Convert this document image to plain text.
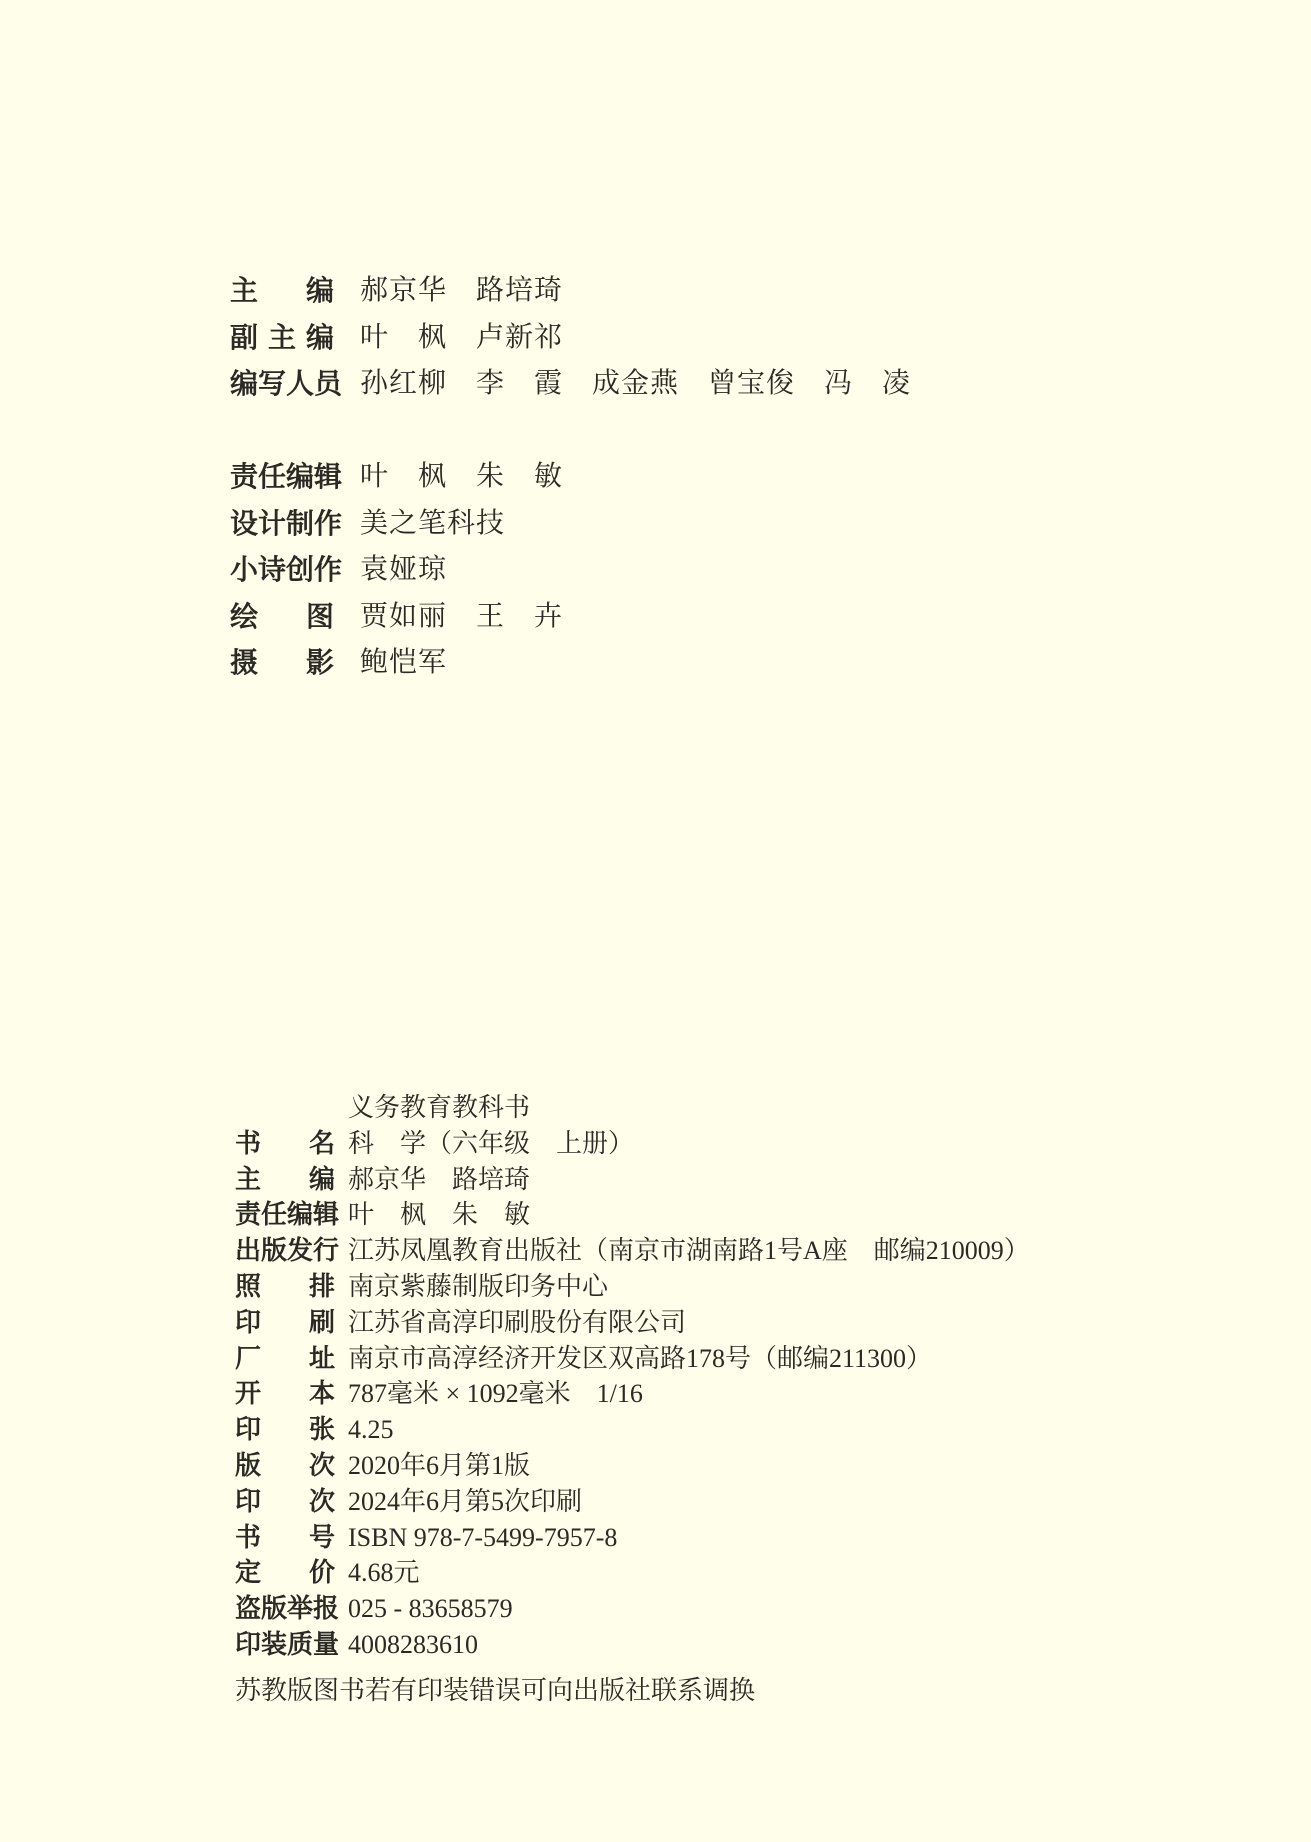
主编 郝京华　路培琦
副主编 叶　枫　卢新祁
编写人员 孙红柳　李　霞　成金燕　曾宝俊　冯　凌
责任编辑 叶　枫　朱　敏
设计制作 美之笔科技
小诗创作 袁娅琼
绘图 贾如丽　王　卉
摄影 鲍恺军
义务教育教科书
书名 科　学（六年级　上册）
主编 郝京华　路培琦
责任编辑 叶　枫　朱　敏
出版发行 江苏凤凰教育出版社（南京市湖南路1号A座　邮编210009）
照排 南京紫藤制版印务中心
印刷 江苏省高淳印刷股份有限公司
厂址 南京市高淳经济开发区双高路178号（邮编211300）
开本 787毫米 × 1092毫米　1/16
印张 4.25
版次 2020年6月第1版
印次 2024年6月第5次印刷
书号 ISBN 978-7-5499-7957-8
定价 4.68元
盗版举报 025 - 83658579
印装质量 4008283610
苏教版图书若有印装错误可向出版社联系调换
